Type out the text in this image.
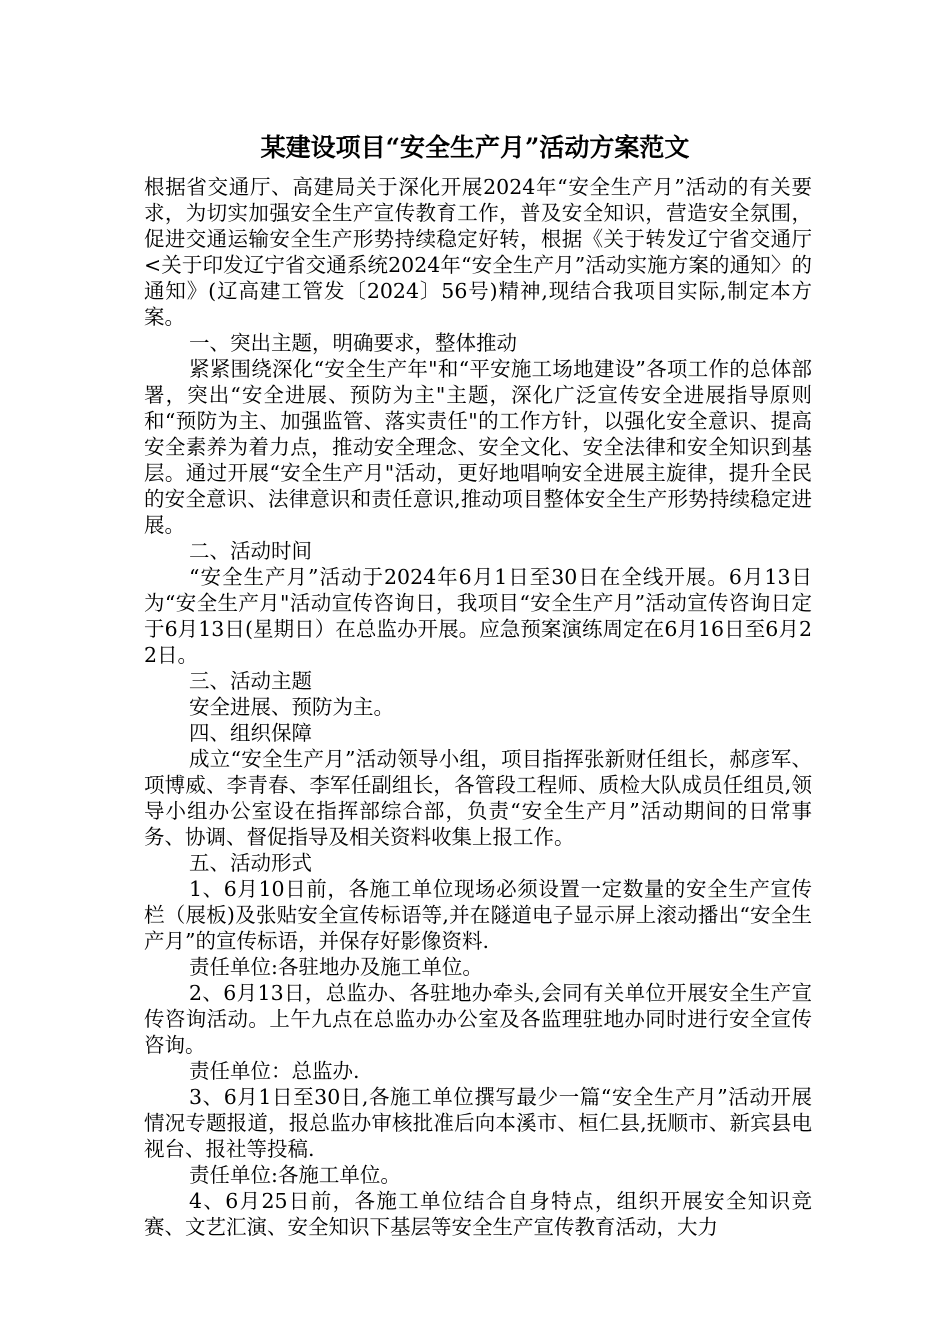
某建设项目“安全生产月”活动方案范文

根据省交通厅、高建局关于深化开展2024年“安全生产月”活动的有关要求，为切实加强安全生产宣传教育工作，普及安全知识，营造安全氛围，促进交通运输安全生产形势持续稳定好转，根据《关于转发辽宁省交通厅<关于印发辽宁省交通系统2024年“安全生产月”活动实施方案的通知〉的通知》(辽高建工管发〔2024〕56号)精神,现结合我项目实际,制定本方案。

一、突出主题，明确要求，整体推动

紧紧围绕深化“安全生产年"和“平安施工场地建设”各项工作的总体部署，突出“安全进展、预防为主"主题，深化广泛宣传安全进展指导原则和“预防为主、加强监管、落实责任"的工作方针，以强化安全意识、提高安全素养为着力点，推动安全理念、安全文化、安全法律和安全知识到基层。通过开展“安全生产月"活动，更好地唱响安全进展主旋律，提升全民的安全意识、法律意识和责任意识,推动项目整体安全生产形势持续稳定进展。

二、活动时间

“安全生产月”活动于2024年6月1日至30日在全线开展。6月13日为“安全生产月"活动宣传咨询日，我项目“安全生产月”活动宣传咨询日定于6月13日(星期日）在总监办开展。应急预案演练周定在6月16日至6月22日。

三、活动主题

安全进展、预防为主。

四、组织保障

成立“安全生产月”活动领导小组，项目指挥张新财任组长，郝彦军、项博威、李青春、李军任副组长，各管段工程师、质检大队成员任组员,领导小组办公室设在指挥部综合部，负责“安全生产月”活动期间的日常事务、协调、督促指导及相关资料收集上报工作。

五、活动形式

1、6月10日前，各施工单位现场必须设置一定数量的安全生产宣传栏（展板)及张贴安全宣传标语等,并在隧道电子显示屏上滚动播出“安全生产月”的宣传标语，并保存好影像资料.

责任单位:各驻地办及施工单位。

2、6月13日，总监办、各驻地办牵头,会同有关单位开展安全生产宣传咨询活动。上午九点在总监办办公室及各监理驻地办同时进行安全宣传咨询。

责任单位：总监办.

3、6月1日至30日,各施工单位撰写最少一篇“安全生产月”活动开展情况专题报道，报总监办审核批准后向本溪市、桓仁县,抚顺市、新宾县电视台、报社等投稿.

责任单位:各施工单位。

4、6月25日前，各施工单位结合自身特点，组织开展安全知识竞赛、文艺汇演、安全知识下基层等安全生产宣传教育活动，大力
